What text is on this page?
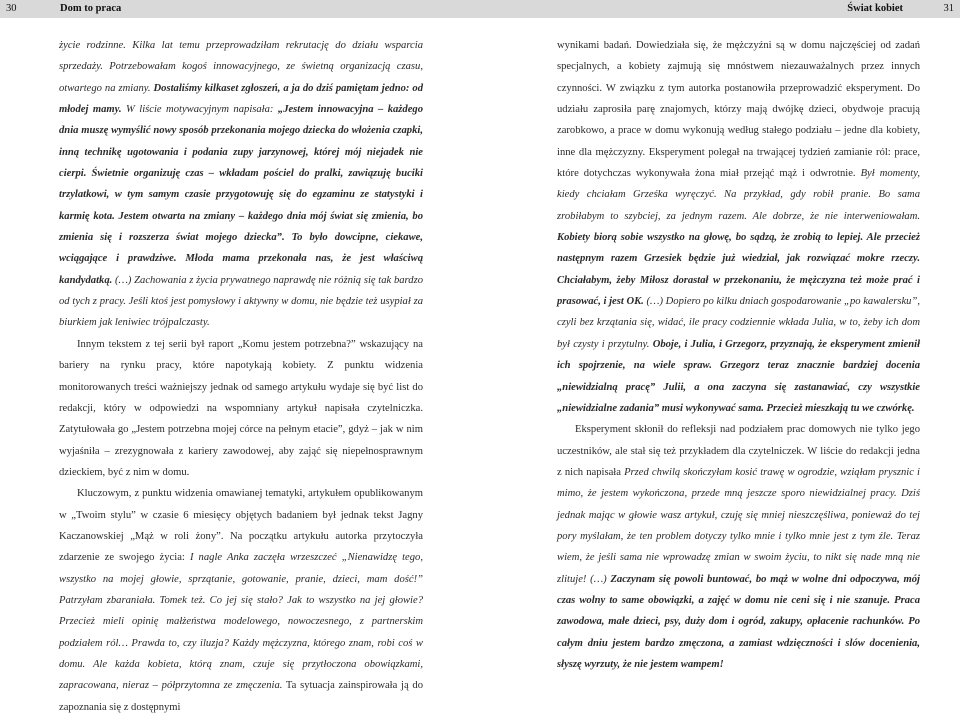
30	Dom to praca

życie rodzinne. Kilka lat temu przeprowadziłam rekrutację do działu wsparcia sprzedaży. Potrzebowałam kogoś innowacyjnego, ze świetną organizacją czasu, otwartego na zmiany. Dostaliśmy kilkaset zgłoszeń, a ja do dziś pamiętam jedno: od młodej mamy. W liście motywacyjnym napisała: „Jestem innowacyjna – każdego dnia muszę wymyślić nowy sposób przekonania mojego dziecka do włożenia czapki, inną technikę ugotowania i podania zupy jarzynowej, której mój niejadek nie cierpi. Świetnie organizuję czas – wkładam pościel do pralki, zawiązuję buciki trzylatkowi, w tym samym czasie przygotowuję się do egzaminu ze statystyki i karmię kota. Jestem otwarta na zmiany – każdego dnia mój świat się zmienia, bo zmienia się i rozszerza świat mojego dziecka”. To było dowcipne, ciekawe, wciągające i prawdziwe. Młoda mama przekonała nas, że jest właściwą kandydatką. (…) Zachowania z życia prywatnego naprawdę nie różnią się tak bardzo od tych z pracy. Jeśli ktoś jest pomysłowy i aktywny w domu, nie będzie też usypiał za biurkiem jak leniwiec trójpalczasty.

Innym tekstem z tej serii był raport „Komu jestem potrzebna?” wskazujący na bariery na rynku pracy, które napotykają kobiety. Z punktu widzenia monitorowanych treści ważniejszy jednak od samego artykułu wydaje się być list do redakcji, który w odpowiedzi na wspomniany artykuł napisała czytelniczka. Zatytułowała go „Jestem potrzebna mojej córce na pełnym etacie”, gdyż – jak w nim wyjaśniła – zrezygnowała z kariery zawodowej, aby zająć się niepełnosprawnym dzieckiem, być z nim w domu.

Kluczowym, z punktu widzenia omawianej tematyki, artykułem opublikowanym w „Twoim stylu” w czasie 6 miesięcy objętych badaniem był jednak tekst Jagny Kaczanowskiej „Mąż w roli żony”. Na początku artykułu autorka przytoczyła zdarzenie ze swojego życia: I nagle Anka zaczęła wrzeszczeć „Nienawidzę tego, wszystko na mojej głowie, sprzątanie, gotowanie, pranie, dzieci, mam dość!” Patrzyłam zbaraniała. Tomek też. Co jej się stało? Jak to wszystko na jej głowie? Przecież mieli opinię małżeństwa modelowego, nowoczesnego, z partnerskim podziałem ról… Prawda to, czy iluzja? Każdy mężczyzna, którego znam, robi coś w domu. Ale każda kobieta, którą znam, czuje się przytłoczona obowiązkami, zapracowana, nieraz – półprzytomna ze zmęczenia. Ta sytuacja zainspirowała ją do zapoznania się z dostępnymi

Świat kobiet	31

wynikami badań. Dowiedziała się, że mężczyźni są w domu najczęściej od zadań specjalnych, a kobiety zajmują się mnóstwem niezauważalnych przez innych czynności. W związku z tym autorka postanowiła przeprowadzić eksperyment. Do udziału zaprosiła parę znajomych, którzy mają dwójkę dzieci, obydwoje pracują zarobkowo, a prace w domu wykonują według stałego podziału – jedne dla kobiety, inne dla mężczyzny. Eksperyment polegał na trwającej tydzień zamianie ról: prace, które dotychczas wykonywała żona miał przejąć mąż i odwrotnie. Był momenty, kiedy chciałam Grześka wyręczyć. Na przykład, gdy robił pranie. Bo sama zrobiłabym to szybciej, za jednym razem. Ale dobrze, że nie interweniowałam. Kobiety biorą sobie wszystko na głowę, bo sądzą, że zrobią to lepiej. Ale przecież następnym razem Grzesiek będzie już wiedział, jak rozwiązać mokre rzeczy. Chciałabym, żeby Miłosz dorastał w przekonaniu, że mężczyzna też może prać i prasować, i jest OK. (…) Dopiero po kilku dniach gospodarowanie „po kawalersku”, czyli bez krzątania się, widać, ile pracy codziennie wkłada Julia, w to, żeby ich dom był czysty i przytulny. Oboje, i Julia, i Grzegorz, przyznają, że eksperyment zmienił ich spojrzenie, na wiele spraw. Grzegorz teraz znacznie bardziej docenia „niewidzialną pracę” Julii, a ona zaczyna się zastanawiać, czy wszystkie „niewidzialne zadania” musi wykonywać sama. Przecież mieszkają tu we czwórkę.

Eksperyment skłonił do refleksji nad podziałem prac domowych nie tylko jego uczestników, ale stał się też przykładem dla czytelniczek. W liście do redakcji jedna z nich napisała Przed chwilą skończyłam kosić trawę w ogrodzie, wziąłam prysznic i mimo, że jestem wykończona, przede mną jeszcze sporo niewidzialnej pracy. Dziś jednak mając w głowie wasz artykuł, czuję się mniej nieszczęśliwa, ponieważ do tej pory myślałam, że ten problem dotyczy tylko mnie i tylko mnie jest z tym źle. Teraz wiem, że jeśli sama nie wprowadzę zmian w swoim życiu, to nikt się nade mną nie zlituje! (…) Zaczynam się powoli buntować, bo mąż w wolne dni odpoczywa, mój czas wolny to same obowiązki, a zajęć w domu nie ceni się i nie szanuje. Praca zawodowa, małe dzieci, psy, duży dom i ogród, zakupy, opłacenie rachunków. Po całym dniu jestem bardzo zmęczona, a zamiast wdzięczności i slów docenienia, słyszę wyrzuty, że nie jestem wampem!
